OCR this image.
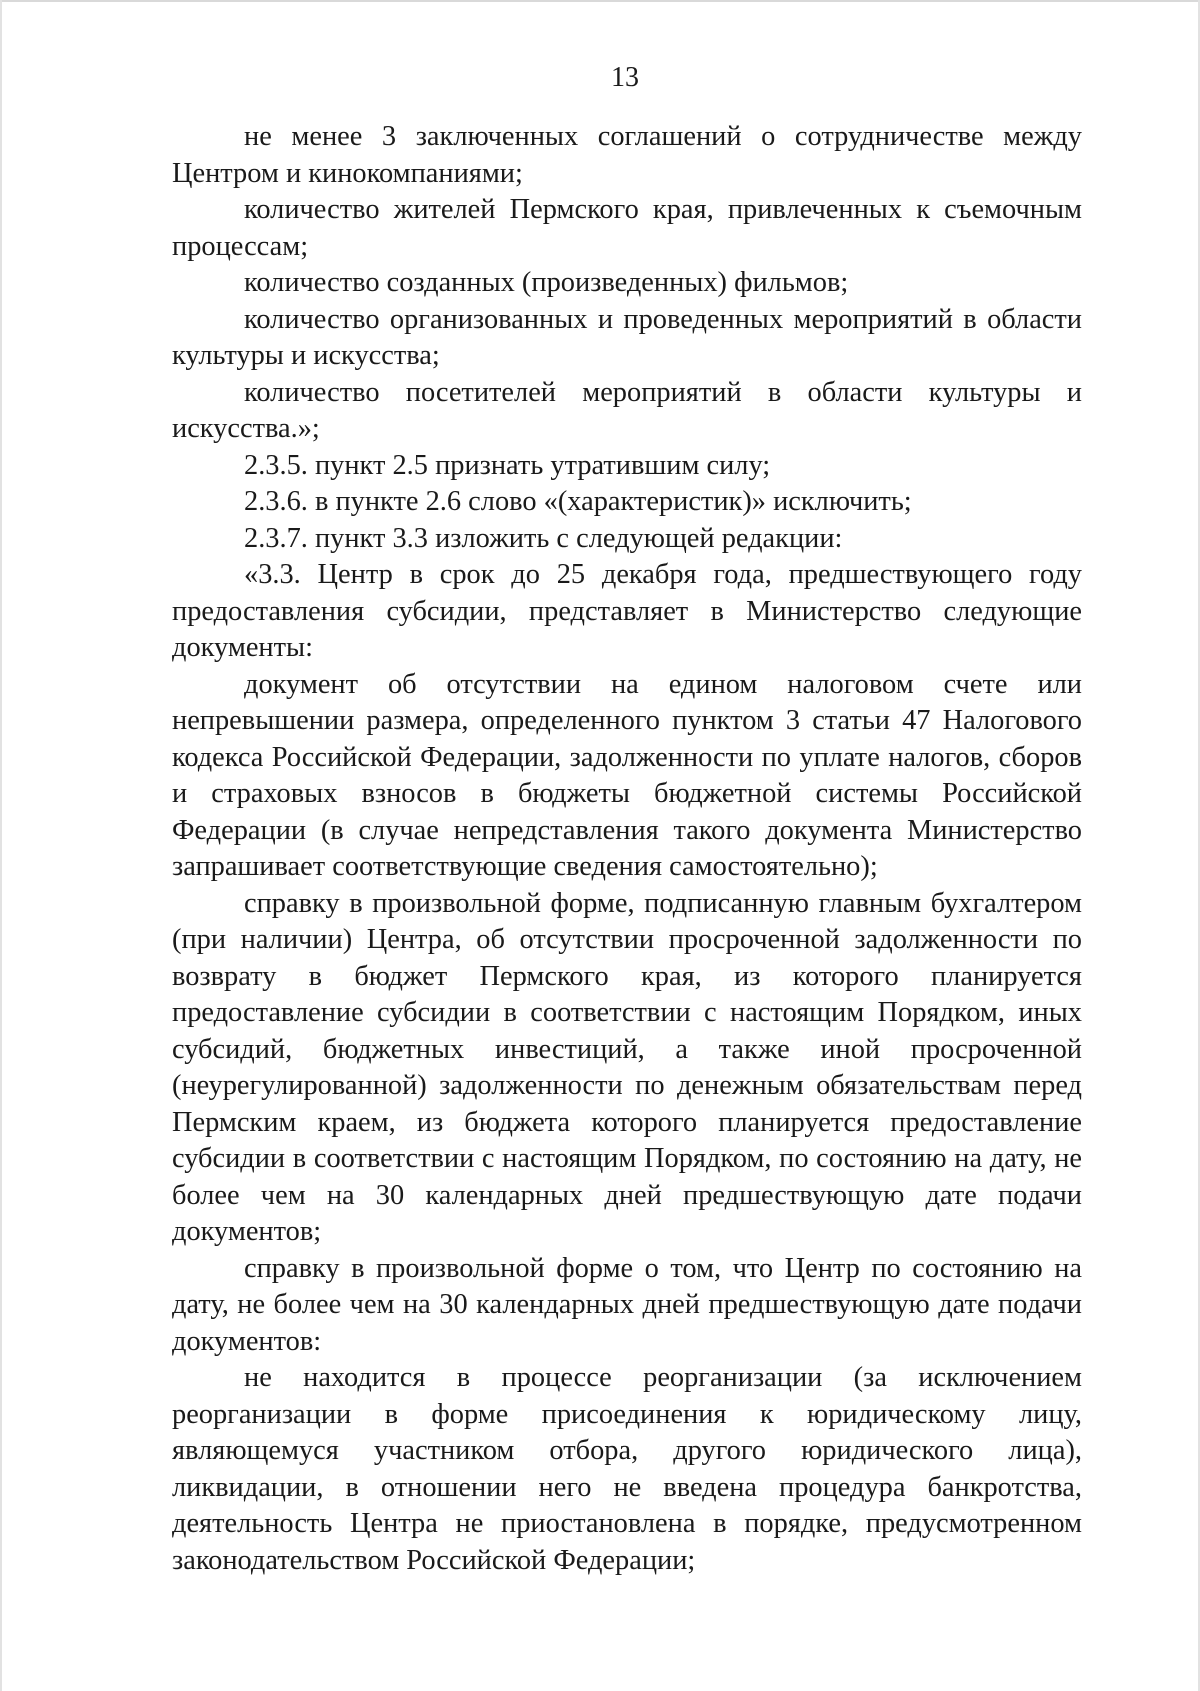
13

не менее 3 заключенных соглашений о сотрудничестве между Центром и кинокомпаниями;

количество жителей Пермского края, привлеченных к съемочным процессам;

количество созданных (произведенных) фильмов;

количество организованных и проведенных мероприятий в области культуры и искусства;

количество посетителей мероприятий в области культуры и искусства.»;

2.3.5. пункт 2.5 признать утратившим силу;

2.3.6. в пункте 2.6 слово «(характеристик)» исключить;

2.3.7. пункт 3.3 изложить с следующей редакции:

«3.3. Центр в срок до 25 декабря года, предшествующего году предоставления субсидии, представляет в Министерство следующие документы:

документ об отсутствии на едином налоговом счете или непревышении размера, определенного пунктом 3 статьи 47 Налогового кодекса Российской Федерации, задолженности по уплате налогов, сборов и страховых взносов в бюджеты бюджетной системы Российской Федерации (в случае непредставления такого документа Министерство запрашивает соответствующие сведения самостоятельно);

справку в произвольной форме, подписанную главным бухгалтером (при наличии) Центра, об отсутствии просроченной задолженности по возврату в бюджет Пермского края, из которого планируется предоставление субсидии в соответствии с настоящим Порядком, иных субсидий, бюджетных инвестиций, а также иной просроченной (неурегулированной) задолженности по денежным обязательствам перед Пермским краем, из бюджета которого планируется предоставление субсидии в соответствии с настоящим Порядком, по состоянию на дату, не более чем на 30 календарных дней предшествующую дате подачи документов;

справку в произвольной форме о том, что Центр по состоянию на дату, не более чем на 30 календарных дней предшествующую дате подачи документов:

не находится в процессе реорганизации (за исключением реорганизации в форме присоединения к юридическому лицу, являющемуся участником отбора, другого юридического лица), ликвидации, в отношении него не введена процедура банкротства, деятельность Центра не приостановлена в порядке, предусмотренном законодательством Российской Федерации;
